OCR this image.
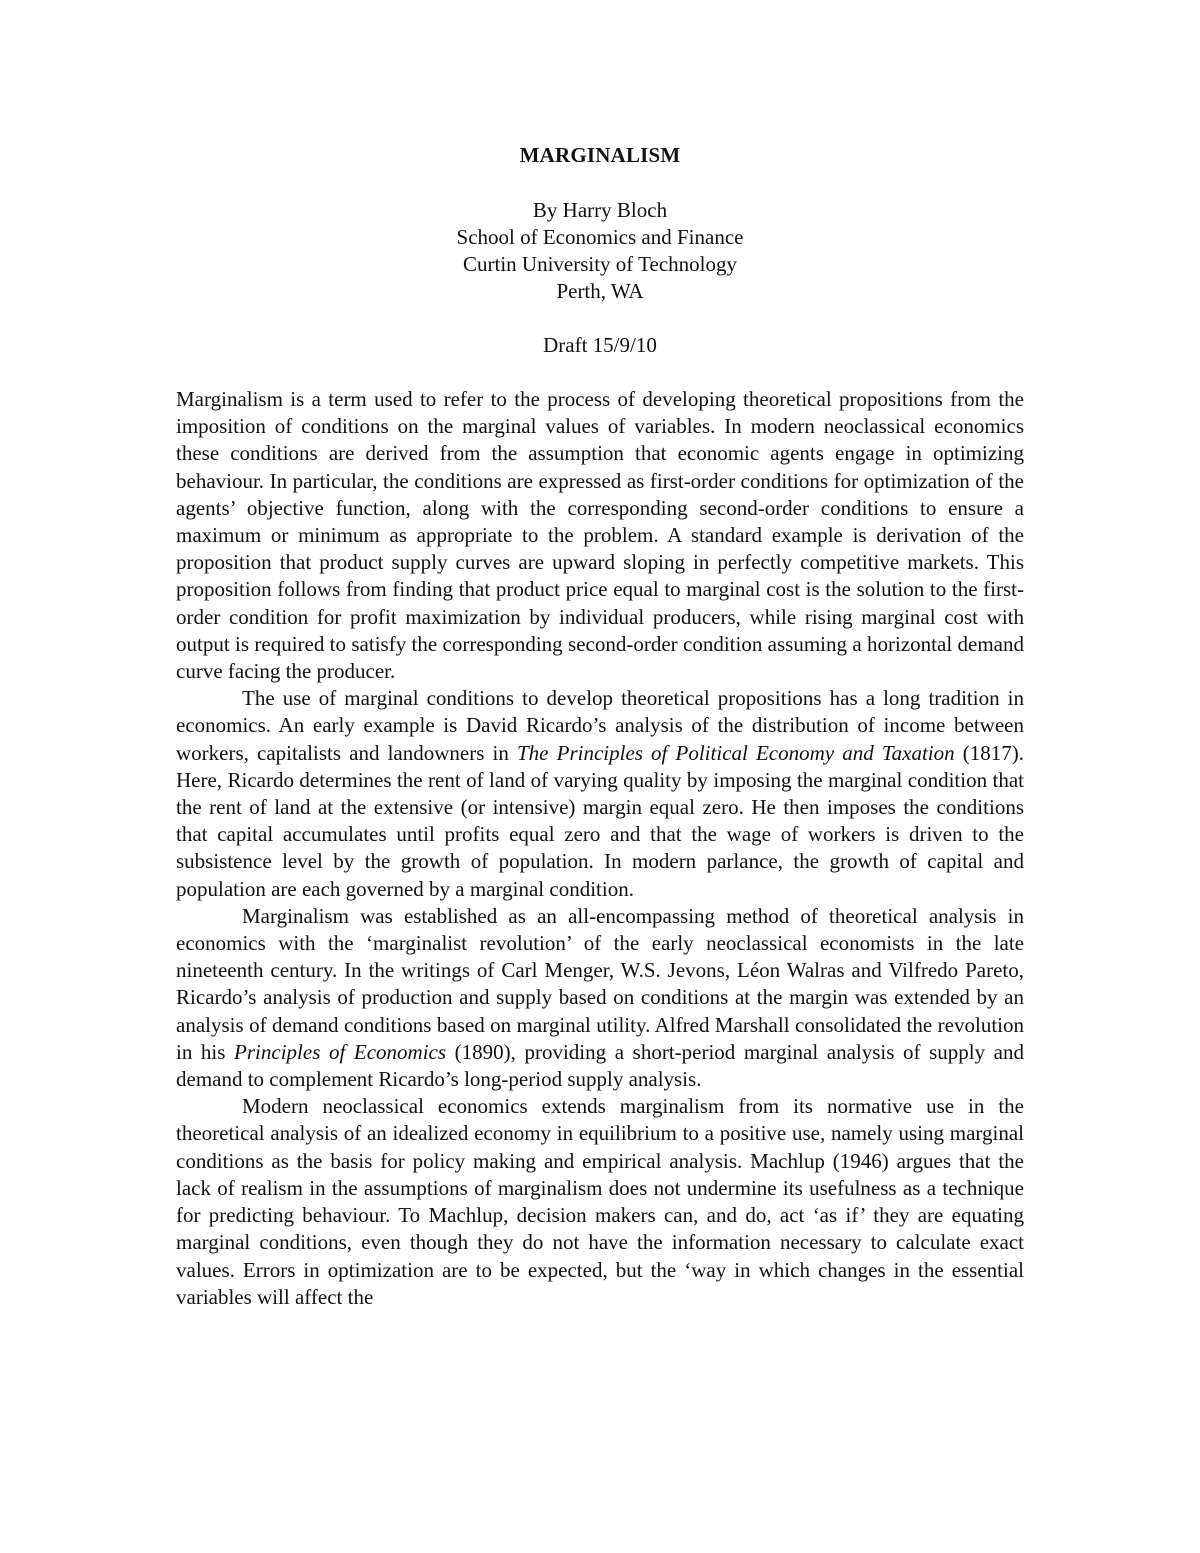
MARGINALISM
By Harry Bloch
School of Economics and Finance
Curtin University of Technology
Perth, WA
Draft 15/9/10

Marginalism is a term used to refer to the process of developing theoretical propositions from the imposition of conditions on the marginal values of variables. In modern neoclassical economics these conditions are derived from the assumption that economic agents engage in optimizing behaviour. In particular, the conditions are expressed as first-order conditions for optimization of the agents’ objective function, along with the corresponding second-order conditions to ensure a maximum or minimum as appropriate to the problem. A standard example is derivation of the proposition that product supply curves are upward sloping in perfectly competitive markets. This proposition follows from finding that product price equal to marginal cost is the solution to the first-order condition for profit maximization by individual producers, while rising marginal cost with output is required to satisfy the corresponding second-order condition assuming a horizontal demand curve facing the producer.

The use of marginal conditions to develop theoretical propositions has a long tradition in economics. An early example is David Ricardo’s analysis of the distribution of income between workers, capitalists and landowners in The Principles of Political Economy and Taxation (1817). Here, Ricardo determines the rent of land of varying quality by imposing the marginal condition that the rent of land at the extensive (or intensive) margin equal zero. He then imposes the conditions that capital accumulates until profits equal zero and that the wage of workers is driven to the subsistence level by the growth of population. In modern parlance, the growth of capital and population are each governed by a marginal condition.

Marginalism was established as an all-encompassing method of theoretical analysis in economics with the ‘marginalist revolution’ of the early neoclassical economists in the late nineteenth century. In the writings of Carl Menger, W.S. Jevons, Léon Walras and Vilfredo Pareto, Ricardo’s analysis of production and supply based on conditions at the margin was extended by an analysis of demand conditions based on marginal utility. Alfred Marshall consolidated the revolution in his Principles of Economics (1890), providing a short-period marginal analysis of supply and demand to complement Ricardo’s long-period supply analysis.

Modern neoclassical economics extends marginalism from its normative use in the theoretical analysis of an idealized economy in equilibrium to a positive use, namely using marginal conditions as the basis for policy making and empirical analysis. Machlup (1946) argues that the lack of realism in the assumptions of marginalism does not undermine its usefulness as a technique for predicting behaviour. To Machlup, decision makers can, and do, act ‘as if’ they are equating marginal conditions, even though they do not have the information necessary to calculate exact values. Errors in optimization are to be expected, but the ‘way in which changes in the essential variables will affect the
